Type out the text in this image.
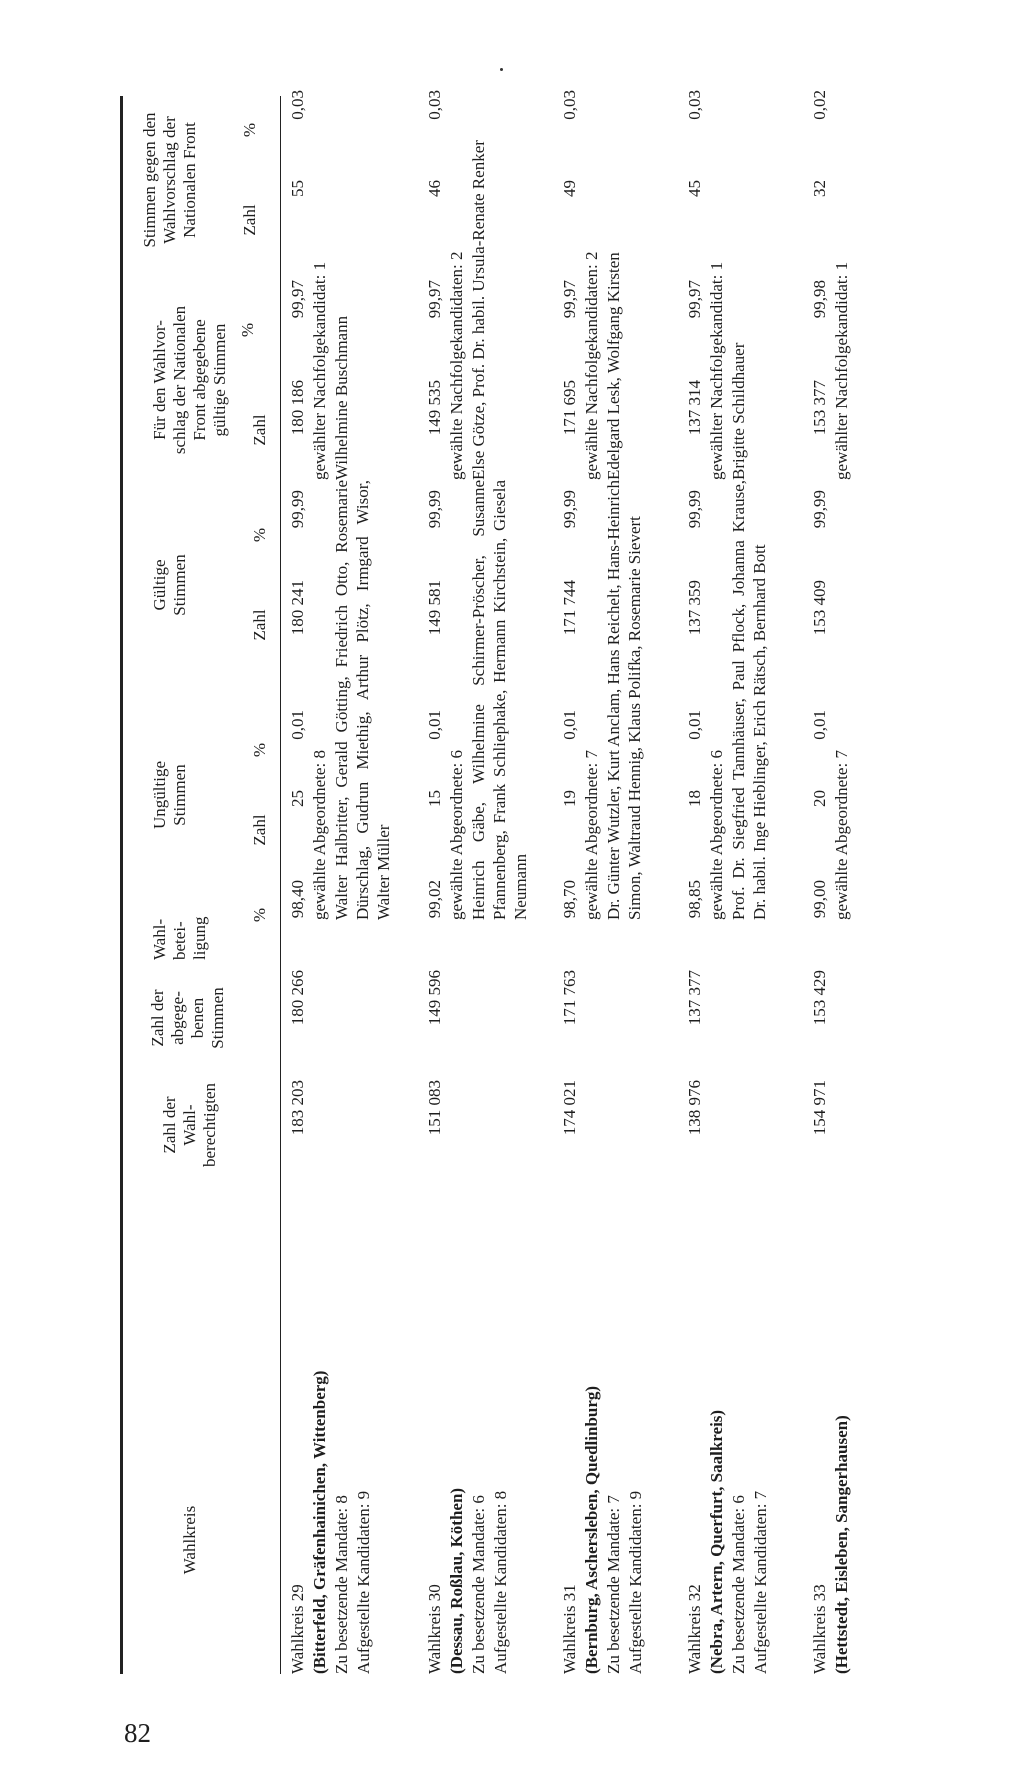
Wahlkreis
Zahl der Wahl- berechtigten
Zahl der abgege- benen Stimmen
Wahl- betei- ligung
%
Ungültige Stimmen
Zahl
%
Gültige Stimmen
Zahl
%
Für den Wahlvor- schlag der Nationalen Front abgegebene gültige Stimmen Zahl
%
Stimmen gegen den Wahlvorschlag der Nationalen Front Zahl
%
Wahlkreis 29 (Bitterfeld, Gräfenhainichen, Wittenberg) Zu besetzende Mandate: 8 Aufgestellte Kandidaten: 9
183 203
180 266
98,40
25
0,01
180 241
99,99
180 186
99,97
55
0,03
gewählte Abgeordnete: 8 Walter Halbritter, Gerald Götting, Friedrich Otto, Rosemarie Dürschlag, Gudrun Miethig, Arthur Plötz, Irmgard Wisor, Walter Müller
gewählter Nachfolgekandidat: 1 Wilhelmine Buschmann
Wahlkreis 30 (Dessau, Roßlau, Köthen) Zu besetzende Mandate: 6 Aufgestellte Kandidaten: 8
151 083
149 596
99,02
15
0,01
149 581
99,99
149 535
99,97
46
0,03
gewählte Abgeordnete: 6 Heinrich Gäbe, Wilhelmine Schirmer-Pröscher, Susanne Pfannenberg, Frank Schliephake, Hermann Kirchstein, Giesela Neumann
gewählte Nachfolgekandidaten: 2 Else Götze, Prof. Dr. habil. Ursula-Renate Renker
Wahlkreis 31 (Bernburg, Aschersleben, Quedlinburg) Zu besetzende Mandate: 7 Aufgestellte Kandidaten: 9
174 021
171 763
98,70
19
0,01
171 744
99,99
171 695
99,97
49
0,03
gewählte Abgeordnete: 7 Dr. Günter Wutzler, Kurt Anclam, Hans Reichelt, Hans-Heinrich Simon, Waltraud Hennig, Klaus Polifka, Rosemarie Sievert
gewählte Nachfolgekandidaten: 2 Edelgard Lesk, Wolfgang Kirsten
Wahlkreis 32 (Nebra, Artern, Querfurt, Saalkreis) Zu besetzende Mandate: 6 Aufgestellte Kandidaten: 7
138 976
137 377
98,85
18
0,01
137 359
99,99
137 314
99,97
45
0,03
gewählte Abgeordnete: 6 Prof. Dr. Siegfried Tannhäuser, Paul Pflock, Johanna Krause, Dr. habil. Inge Hieblinger, Erich Rätsch, Bernhard Bott
gewählter Nachfolgekandidat: 1 Brigitte Schildhauer
Wahlkreis 33 (Hettstedt, Eisleben, Sangerhausen)
154 971
153 429
99,00
20
0,01
153 409
99,99
153 377
99,98
32
0,02
gewählte Abgeordnete: 7
gewählter Nachfolgekandidat: 1
82
